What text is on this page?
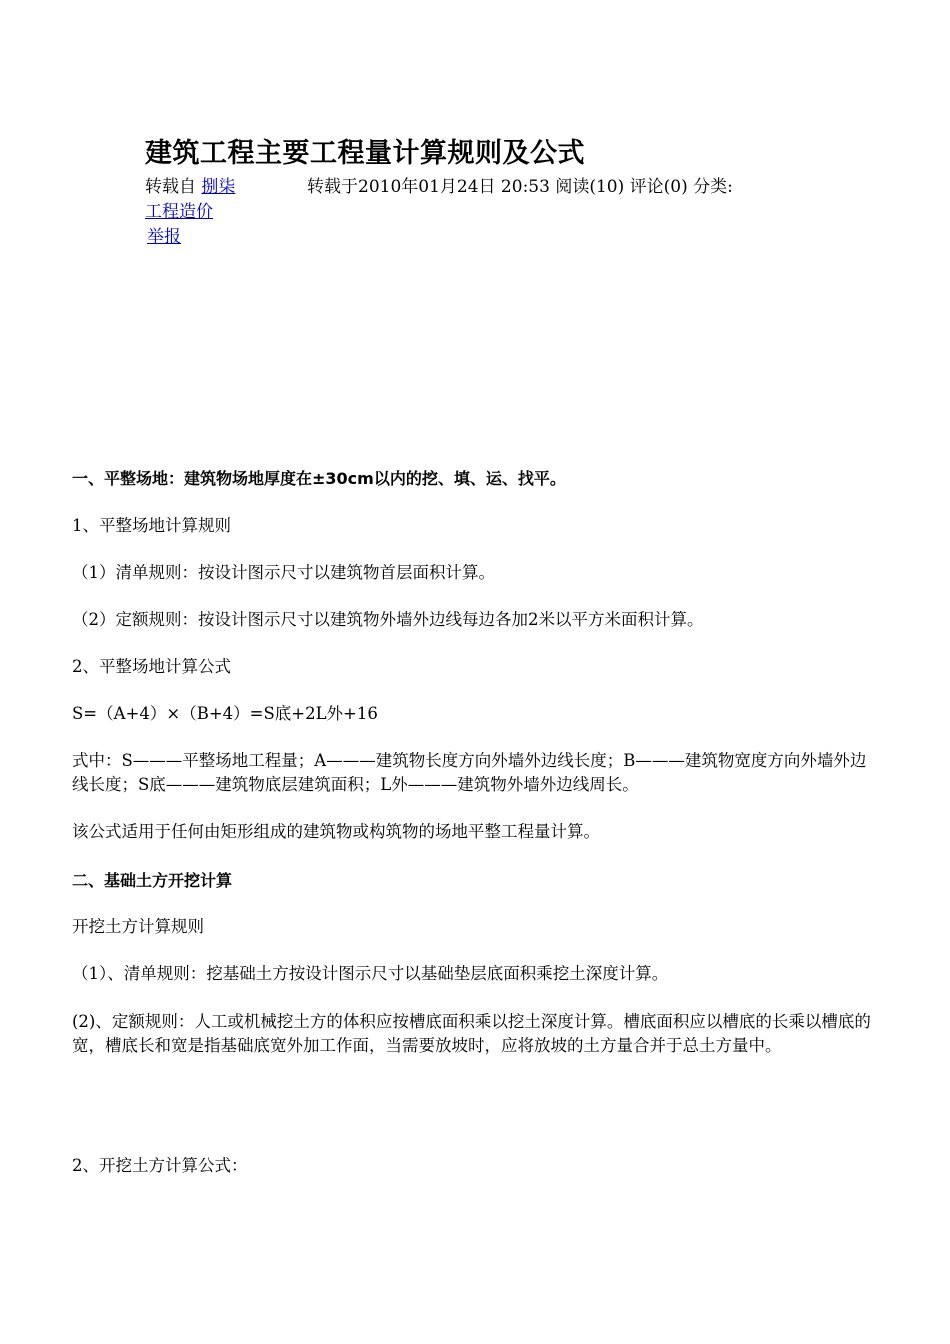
建筑工程主要工程量计算规则及公式
转载自 捌柒	转载于2010年01月24日 20:53 阅读(10) 评论(0) 分类:
工程造价
举报
一、平整场地：建筑物场地厚度在±30cm以内的挖、填、运、找平。
1、平整场地计算规则
（1）清单规则：按设计图示尺寸以建筑物首层面积计算。
（2）定额规则：按设计图示尺寸以建筑物外墙外边线每边各加2米以平方米面积计算。
2、平整场地计算公式
S=（A+4）×（B+4）=S底+2L外+16
式中：S———平整场地工程量；A———建筑物长度方向外墙外边线长度；B———建筑物宽度方向外墙外边线长度；S底———建筑物底层建筑面积；L外———建筑物外墙外边线周长。
该公式适用于任何由矩形组成的建筑物或构筑物的场地平整工程量计算。
二、基础土方开挖计算
开挖土方计算规则
（1）、清单规则：挖基础土方按设计图示尺寸以基础垫层底面积乘挖土深度计算。
(2)、定额规则：人工或机械挖土方的体积应按槽底面积乘以挖土深度计算。槽底面积应以槽底的长乘以槽底的宽，槽底长和宽是指基础底宽外加工作面，当需要放坡时，应将放坡的土方量合并于总土方量中。
2、开挖土方计算公式：
